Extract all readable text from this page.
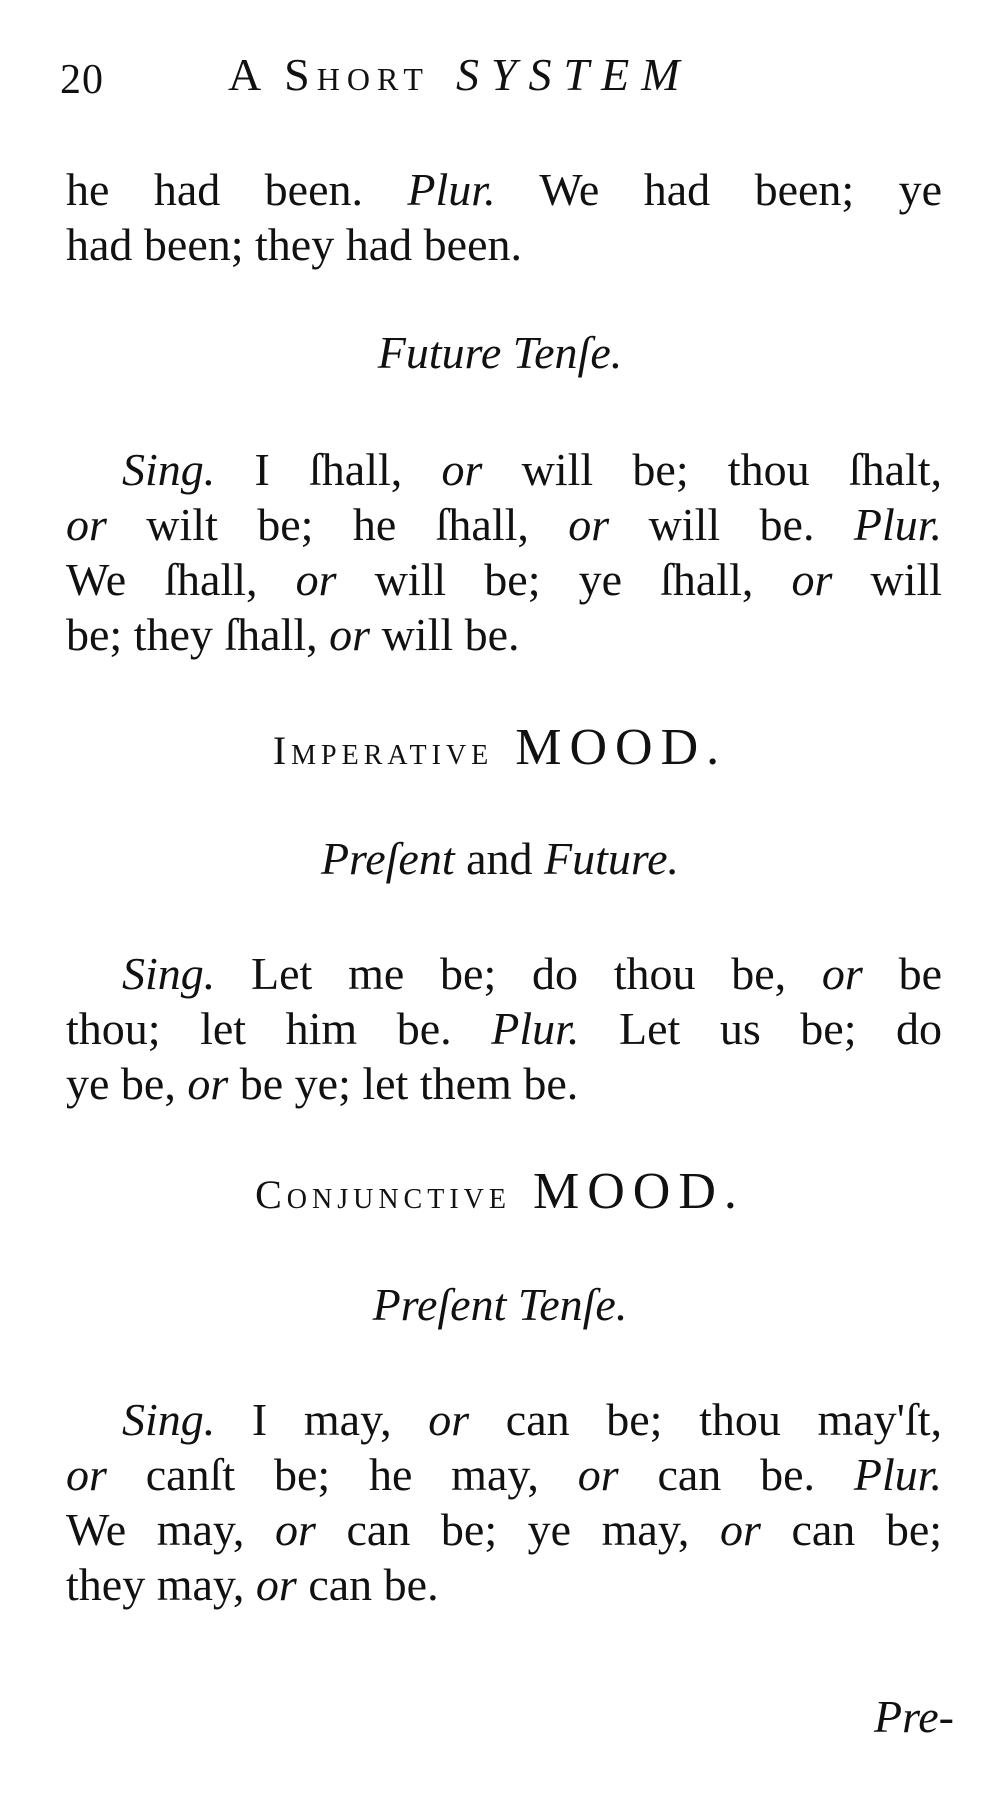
20	A Short SYSTEM
he had been. Plur. We had been; ye
had been; they had been.
Future Tenſe.
Sing. I ſhall, or will be; thou ſhalt,
or wilt be; he ſhall, or will be. Plur.
We ſhall, or will be; ye ſhall, or will
be; they ſhall, or will be.
Imperative MOOD.
Preſent and Future.
Sing. Let me be; do thou be, or be
thou; let him be. Plur. Let us be; do
ye be, or be ye; let them be.
Conjunctive MOOD.
Preſent Tenſe.
Sing. I may, or can be; thou may'ſt,
or canſt be; he may, or can be. Plur.
We may, or can be; ye may, or can be;
they may, or can be.
Pre-
